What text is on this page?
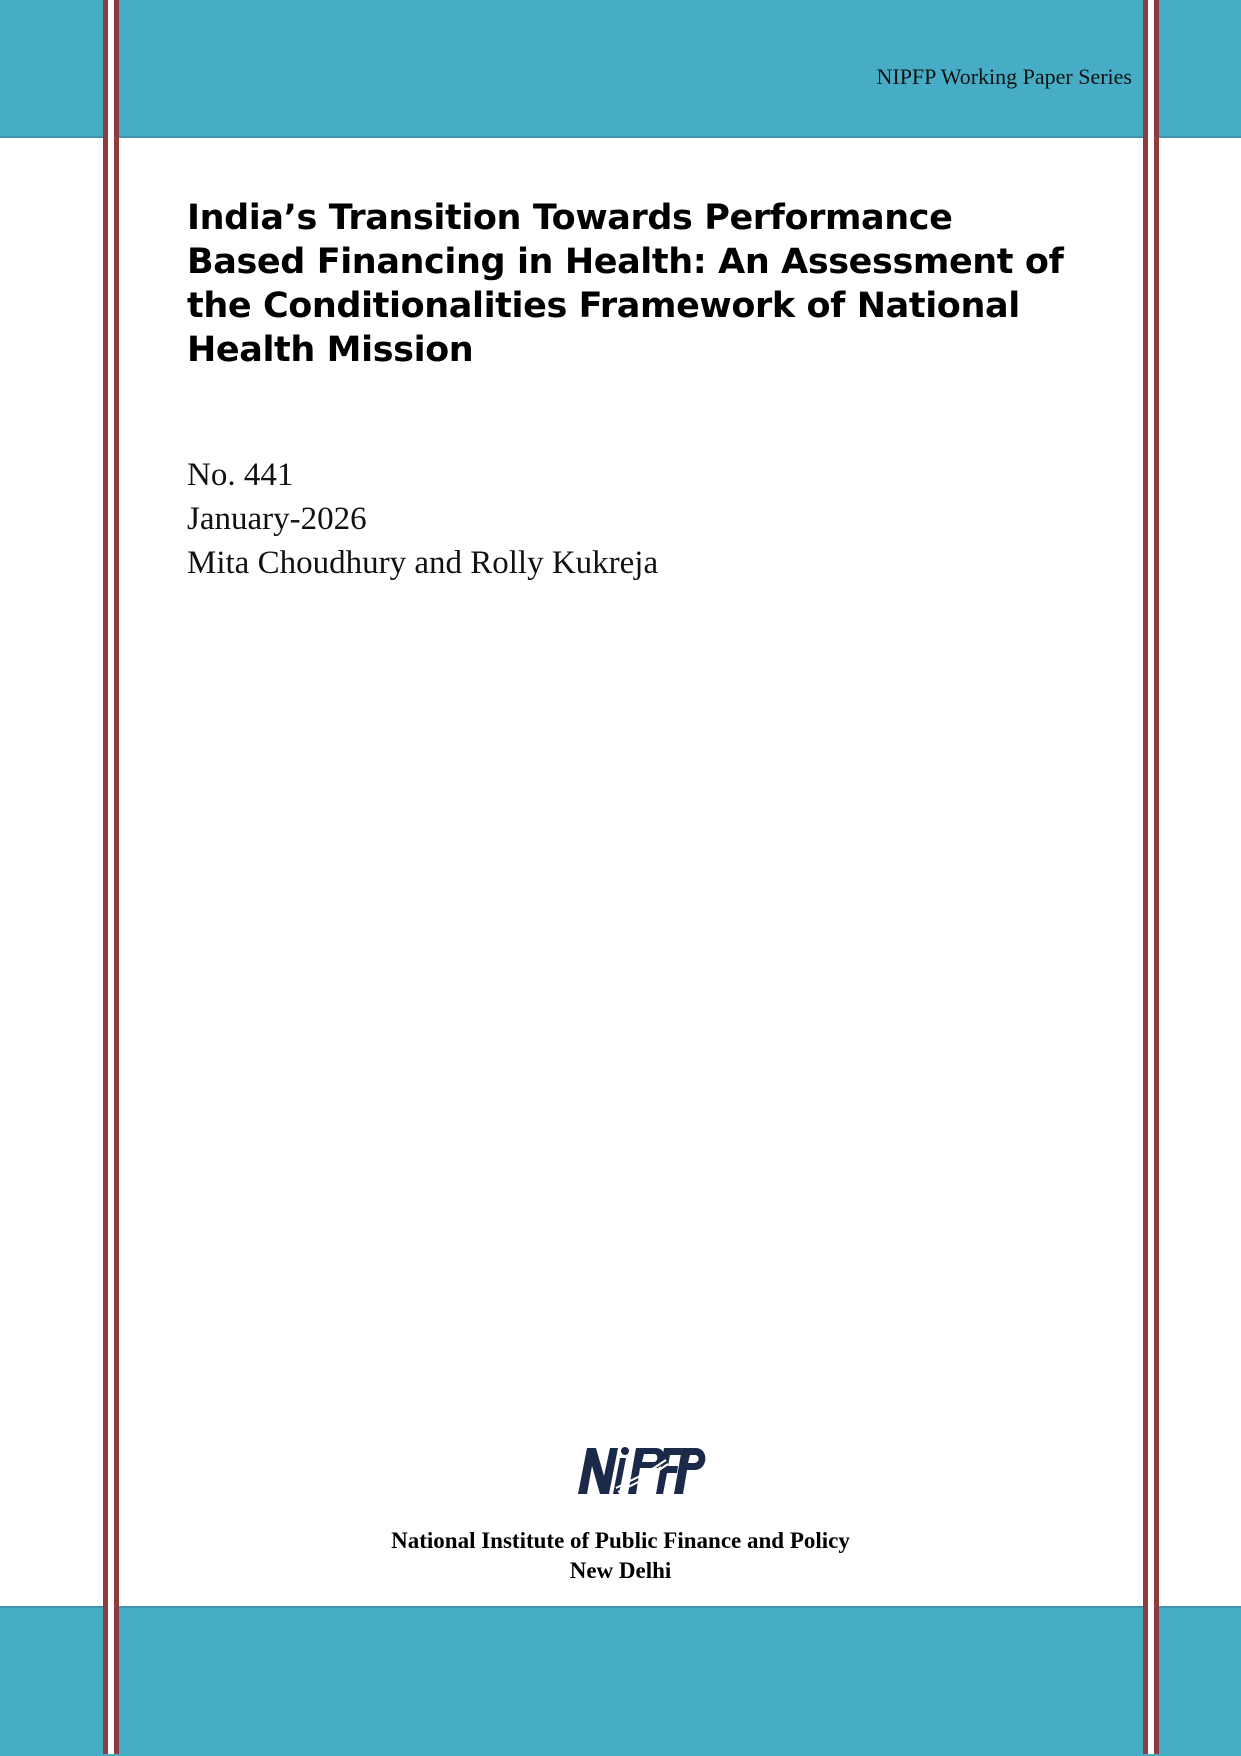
NIPFP Working Paper Series
India’s Transition Towards Performance Based Financing in Health: An Assessment of the Conditionalities Framework of National Health Mission
No. 441
January-2026
Mita Choudhury and Rolly Kukreja
National Institute of Public Finance and Policy
New Delhi
